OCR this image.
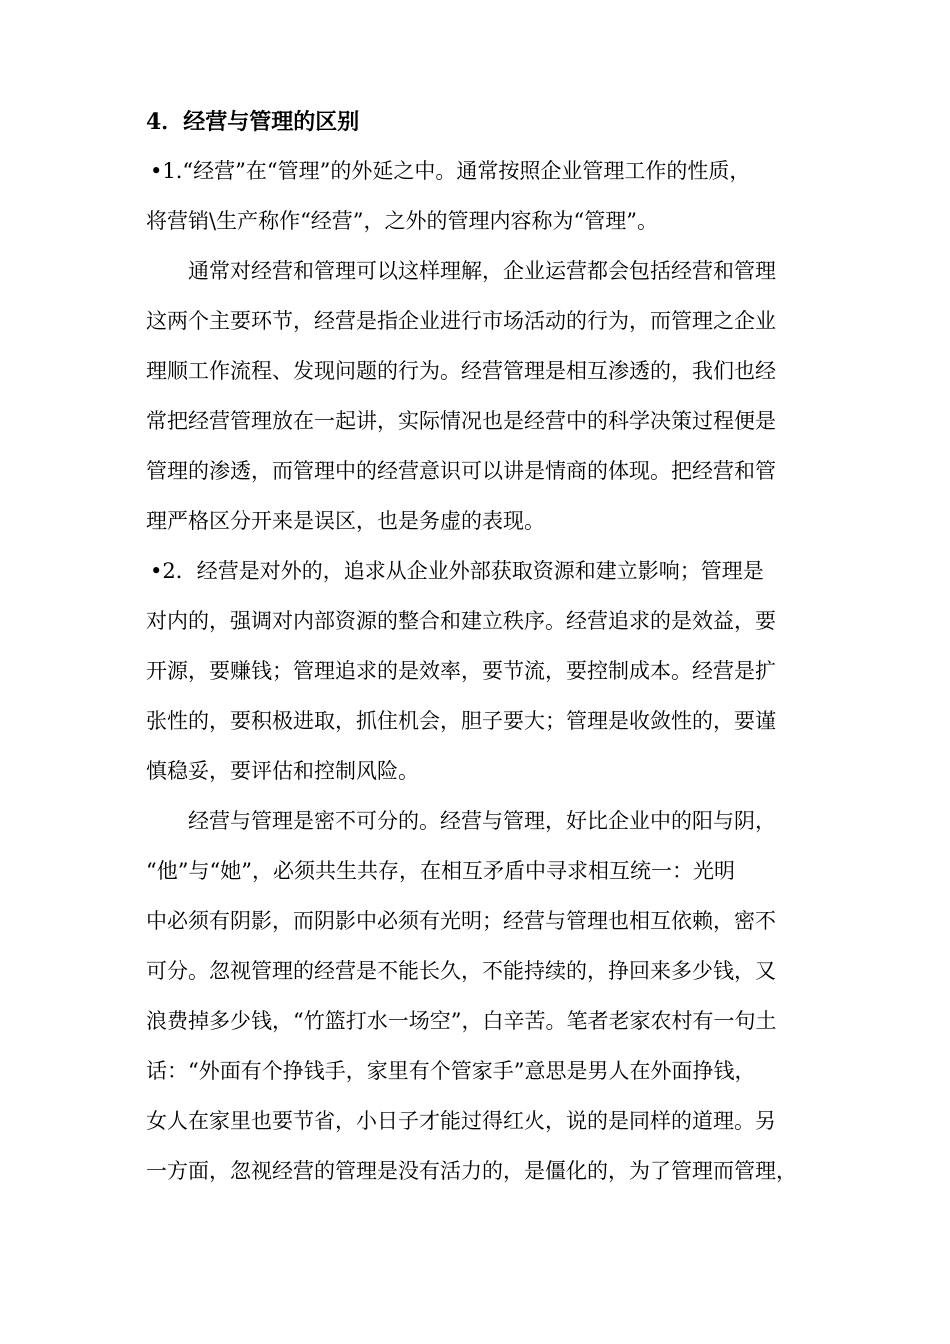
4．经营与管理的区别
•1.“经营”在“管理”的外延之中。通常按照企业管理工作的性质，
将营销\生产称作“经营”，之外的管理内容称为“管理”。
通常对经营和管理可以这样理解，企业运营都会包括经营和管理
这两个主要环节，经营是指企业进行市场活动的行为，而管理之企业
理顺工作流程、发现问题的行为。经营管理是相互渗透的，我们也经
常把经营管理放在一起讲，实际情况也是经营中的科学决策过程便是
管理的渗透，而管理中的经营意识可以讲是情商的体现。把经营和管
理严格区分开来是误区，也是务虚的表现。
•2．经营是对外的，追求从企业外部获取资源和建立影响；管理是
对内的，强调对内部资源的整合和建立秩序。经营追求的是效益，要
开源，要赚钱；管理追求的是效率，要节流，要控制成本。经营是扩
张性的，要积极进取，抓住机会，胆子要大；管理是收敛性的，要谨
慎稳妥，要评估和控制风险。
经营与管理是密不可分的。经营与管理，好比企业中的阳与阴，
“他”与“她”，必须共生共存，在相互矛盾中寻求相互统一：光明
中必须有阴影，而阴影中必须有光明；经营与管理也相互依赖，密不
可分。忽视管理的经营是不能长久，不能持续的，挣回来多少钱，又
浪费掉多少钱，“竹篮打水一场空”，白辛苦。笔者老家农村有一句土
话：“外面有个挣钱手，家里有个管家手”意思是男人在外面挣钱，
女人在家里也要节省，小日子才能过得红火，说的是同样的道理。另
一方面，忽视经营的管理是没有活力的，是僵化的，为了管理而管理，
